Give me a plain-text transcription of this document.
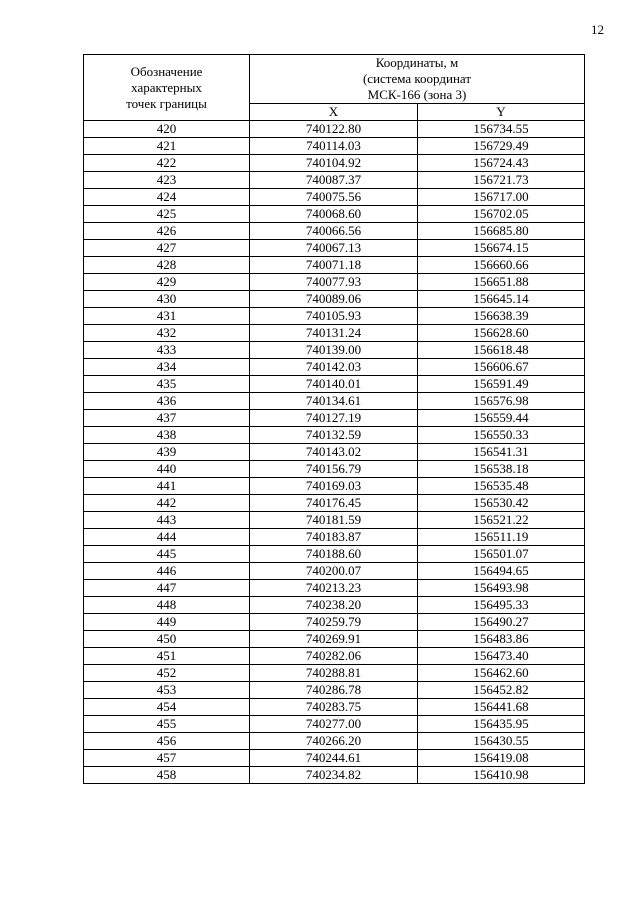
12
Обозначение
характерных
точек границы	Координаты, м
(система координат
МСК-166 (зона 3)	
	X	Y
420	740122.80	156734.55
421	740114.03	156729.49
422	740104.92	156724.43
423	740087.37	156721.73
424	740075.56	156717.00
425	740068.60	156702.05
426	740066.56	156685.80
427	740067.13	156674.15
428	740071.18	156660.66
429	740077.93	156651.88
430	740089.06	156645.14
431	740105.93	156638.39
432	740131.24	156628.60
433	740139.00	156618.48
434	740142.03	156606.67
435	740140.01	156591.49
436	740134.61	156576.98
437	740127.19	156559.44
438	740132.59	156550.33
439	740143.02	156541.31
440	740156.79	156538.18
441	740169.03	156535.48
442	740176.45	156530.42
443	740181.59	156521.22
444	740183.87	156511.19
445	740188.60	156501.07
446	740200.07	156494.65
447	740213.23	156493.98
448	740238.20	156495.33
449	740259.79	156490.27
450	740269.91	156483.86
451	740282.06	156473.40
452	740288.81	156462.60
453	740286.78	156452.82
454	740283.75	156441.68
455	740277.00	156435.95
456	740266.20	156430.55
457	740244.61	156419.08
458	740234.82	156410.98
